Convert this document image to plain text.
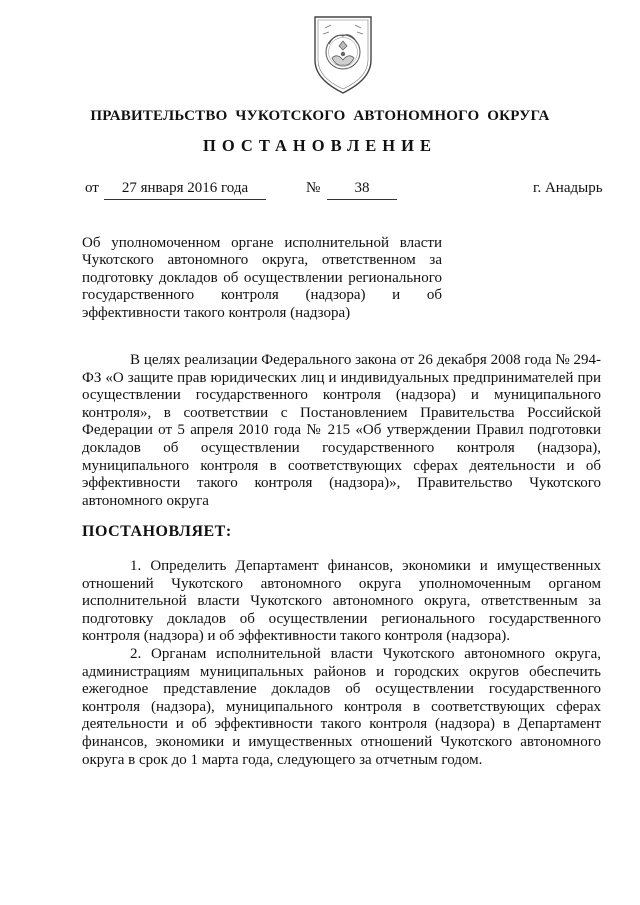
ПРАВИТЕЛЬСТВО ЧУКОТСКОГО АВТОНОМНОГО ОКРУГА
ПОСТАНОВЛЕНИЕ
от	27 января 2016 года	№	38	г. Анадырь
Об уполномоченном органе исполнительной власти Чукотского автономного округа, ответственном за подготовку докладов об осуществлении регионального государственного контроля (надзора) и об эффективности такого контроля (надзора)
В целях реализации Федерального закона от 26 декабря 2008 года № 294-ФЗ «О защите прав юридических лиц и индивидуальных предпринимателей при осуществлении государственного контроля (надзора) и муниципального контроля», в соответствии с Постановлением Правительства Российской Федерации от 5 апреля 2010 года № 215 «Об утверждении Правил подготовки докладов об осуществлении государственного контроля (надзора), муниципального контроля в соответствующих сферах деятельности и об эффективности такого контроля (надзора)», Правительство Чукотского автономного округа
ПОСТАНОВЛЯЕТ:

1. Определить Департамент финансов, экономики и имущественных отношений Чукотского автономного округа уполномоченным органом исполнительной власти Чукотского автономного округа, ответственным за подготовку докладов об осуществлении регионального государственного контроля (надзора) и об эффективности такого контроля (надзора).

2. Органам исполнительной власти Чукотского автономного округа, администрациям муниципальных районов и городских округов обеспечить ежегодное представление докладов об осуществлении государственного контроля (надзора), муниципального контроля в соответствующих сферах деятельности и об эффективности такого контроля (надзора) в Департамент финансов, экономики и имущественных отношений Чукотского автономного округа в срок до 1 марта года, следующего за отчетным годом.
